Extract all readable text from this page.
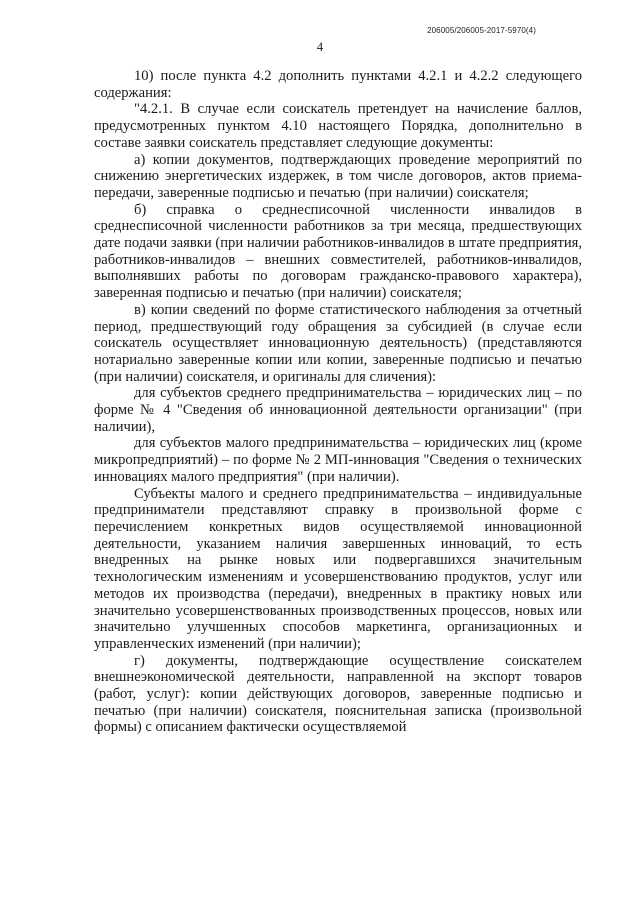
206005/206005-2017-5970(4)
4

10) после пункта 4.2 дополнить пунктами 4.2.1 и 4.2.2 следующего содержания:

"4.2.1. В случае если соискатель претендует на начисление баллов, предусмотренных пунктом 4.10 настоящего Порядка, дополнительно в составе заявки соискатель представляет следующие документы:

а) копии документов, подтверждающих проведение мероприятий по снижению энергетических издержек, в том числе договоров, актов приема-передачи, заверенные подписью и печатью (при наличии) соискателя;

б) справка о среднесписочной численности инвалидов в среднесписочной численности работников за три месяца, предшествующих дате подачи заявки (при наличии работников-инвалидов в штате предприятия, работников-инвалидов – внешних совместителей, работников-инвалидов, выполнявших работы по договорам гражданско-правового характера), заверенная подписью и печатью (при наличии) соискателя;

в) копии сведений по форме статистического наблюдения за отчетный период, предшествующий году обращения за субсидией (в случае если соискатель осуществляет инновационную деятельность) (представляются нотариально заверенные копии или копии, заверенные подписью и печатью (при наличии) соискателя, и оригиналы для сличения):

для субъектов среднего предпринимательства – юридических лиц – по форме № 4 "Сведения об инновационной деятельности организации" (при наличии),

для субъектов малого предпринимательства – юридических лиц (кроме микропредприятий) – по форме № 2 МП-инновация "Сведения о технических инновациях малого предприятия" (при наличии).

Субъекты малого и среднего предпринимательства – индивидуальные предприниматели представляют справку в произвольной форме с перечислением конкретных видов осуществляемой инновационной деятельности, указанием наличия завершенных инноваций, то есть внедренных на рынке новых или подвергавшихся значительным технологическим изменениям и усовершенствованию продуктов, услуг или методов их производства (передачи), внедренных в практику новых или значительно усовершенствованных производственных процессов, новых или значительно улучшенных способов маркетинга, организационных и управленческих изменений (при наличии);

г) документы, подтверждающие осуществление соискателем внешнеэкономической деятельности, направленной на экспорт товаров (работ, услуг): копии действующих договоров, заверенные подписью и печатью (при наличии) соискателя, пояснительная записка (произвольной формы) с описанием фактически осуществляемой
